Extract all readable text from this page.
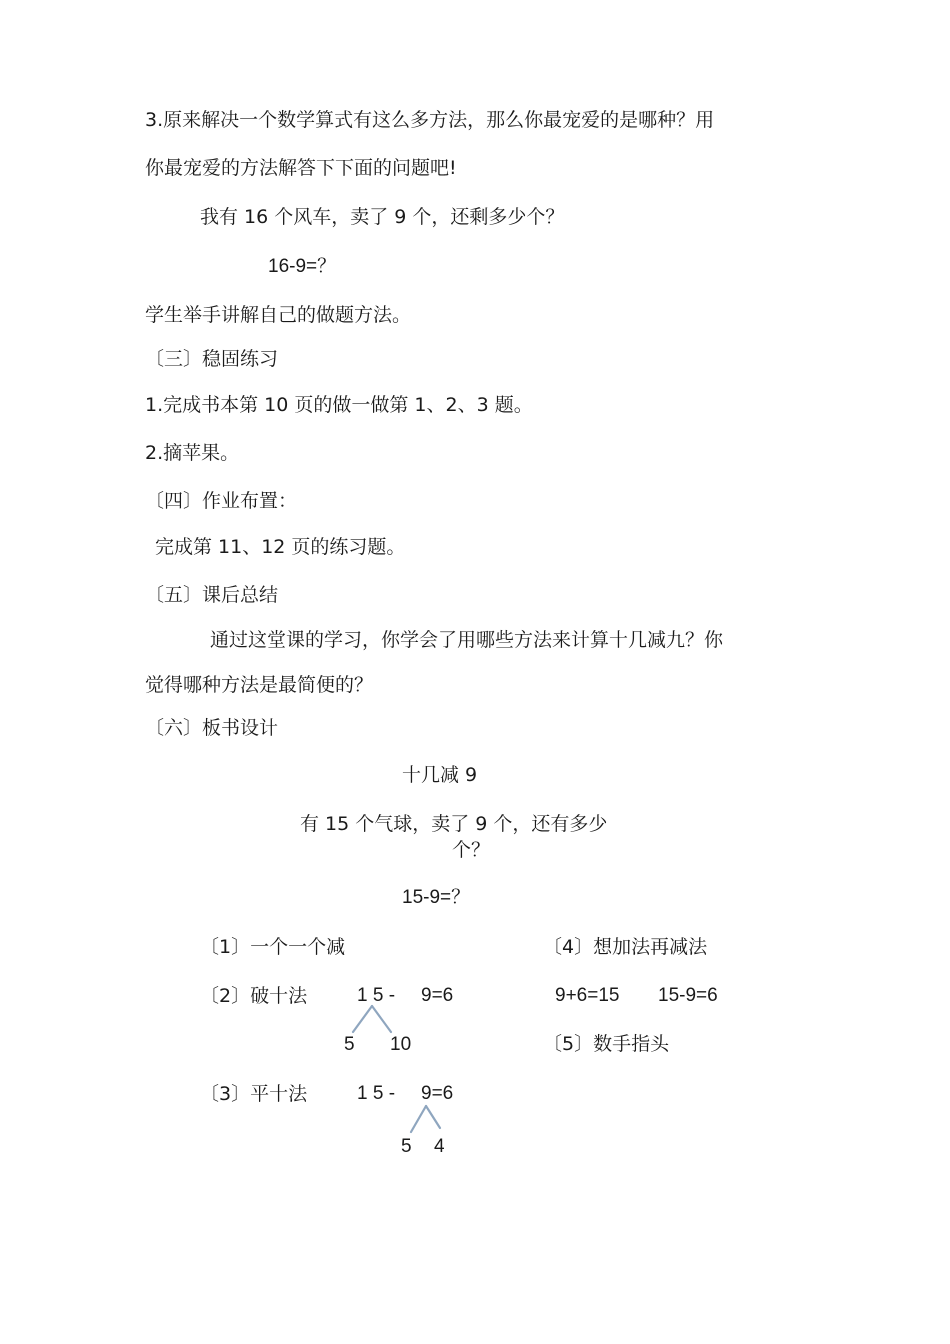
3.原来解决一个数学算式有这么多方法，那么你最宠爱的是哪种？用
你最宠爱的方法解答下下面的问题吧!
我有 16 个风车，卖了 9 个，还剩多少个？
16-9=？
学生举手讲解自己的做题方法。
〔三〕稳固练习
1.完成书本第 10 页的做一做第 1、2、3 题。
2.摘苹果。
〔四〕作业布置：
完成第 11、12 页的练习题。
〔五〕课后总结
通过这堂课的学习，你学会了用哪些方法来计算十几减九？你
觉得哪种方法是最简便的？
〔六〕板书设计
十几减 9
有 15 个气球，卖了 9 个，还有多少
个？
15-9=？
〔1〕一个一个减	〔4〕想加法再减法
〔2〕破十法	1 5 - 9=6
5 10
9+6=15 15-9=6
〔5〕数手指头
〔3〕平十法	1 5 - 9=6
5 4
